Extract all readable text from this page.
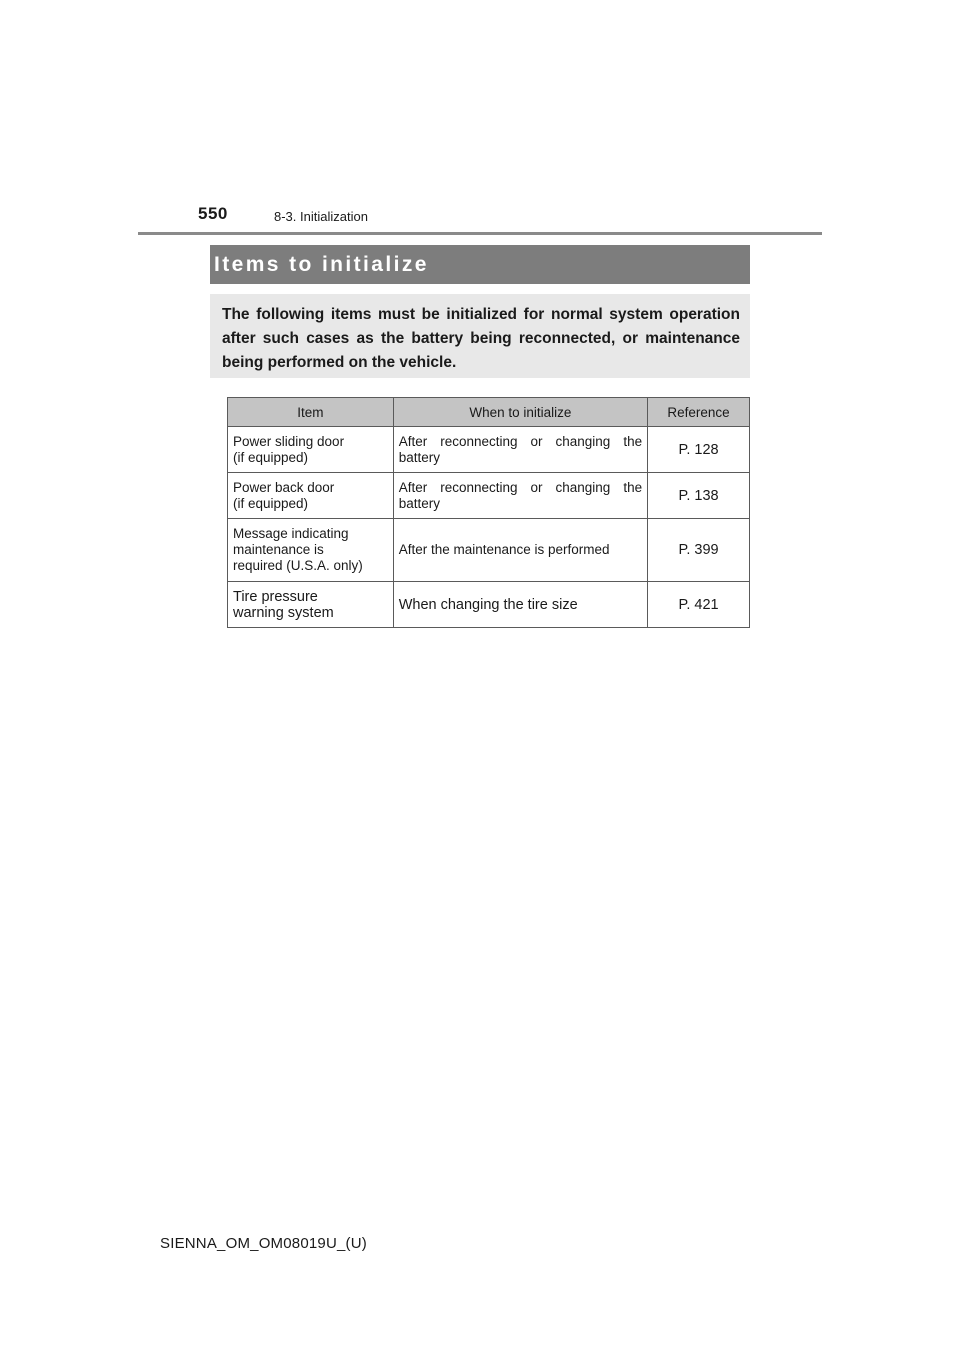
550	8-3. Initialization
Items to initialize

The following items must be initialized for normal system operation after such cases as the battery being reconnected, or maintenance being performed on the vehicle.

Item	When to initialize	Reference

Power sliding door
(if equipped)	After reconnecting or changing the battery	P. 128

Power back door
(if equipped)	After reconnecting or changing the battery	P. 138

Message indicating
maintenance is
required (U.S.A. only)	After the maintenance is performed	P. 399

Tire pressure
warning system	When changing the tire size	P. 421
SIENNA_OM_OM08019U_(U)
